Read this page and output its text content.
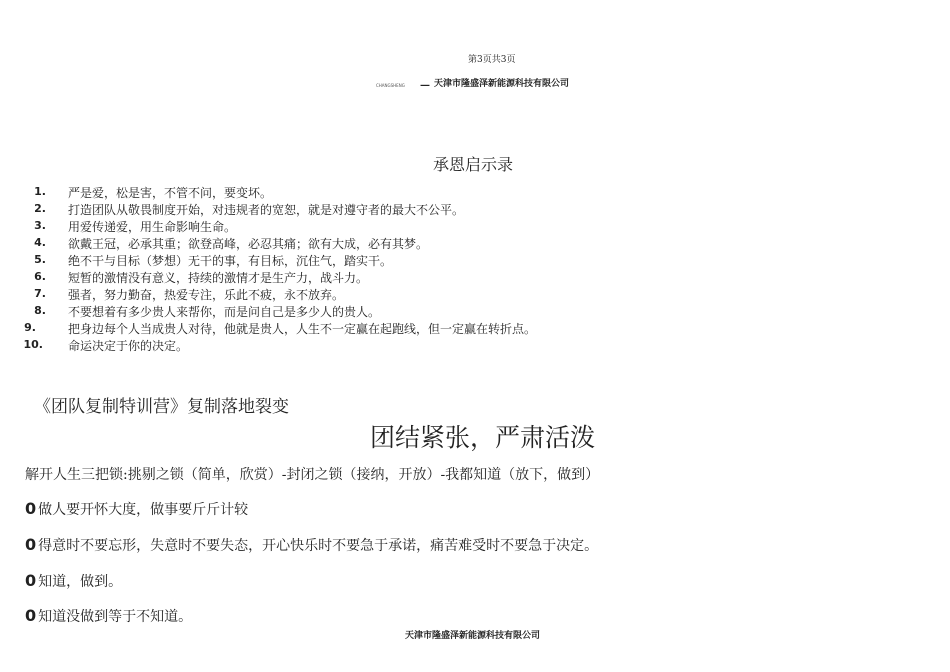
第3页共3页
CHANGSHENG — 天津市隆盛泽新能源科技有限公司
承恩启示录
1. 严是爱，松是害，不管不问，要变坏。
2. 打造团队从敬畏制度开始，对违规者的宽恕，就是对遵守者的最大不公平。
3. 用爱传递爱，用生命影响生命。
4. 欲戴王冠，必承其重；欲登高峰，必忍其痛；欲有大成，必有其梦。
5. 绝不干与目标（梦想）无干的事，有目标，沉住气，踏实干。
6. 短暂的激情没有意义，持续的激情才是生产力，战斗力。
7. 强者，努力勤奋，热爱专注，乐此不疲，永不放弃。
8. 不要想着有多少贵人来帮你，而是问自己是多少人的贵人。
9.	把身边每个人当成贵人对待，他就是贵人，人生不一定赢在起跑线，但一定赢在转折点。
10. 命运决定于你的决定。
《团队复制特训营》复制落地裂变
团结紧张，严肃活泼
解开人生三把锁:挑剔之锁（简单，欣赏）-封闭之锁（接纳，开放）-我都知道（放下，做到）
0 做人要开怀大度，做事要斤斤计较
0 得意时不要忘形，失意时不要失态，开心快乐时不要急于承诺，痛苦难受时不要急于决定。
0 知道，做到。
0 知道没做到等于不知道。
天津市隆盛泽新能源科技有限公司
